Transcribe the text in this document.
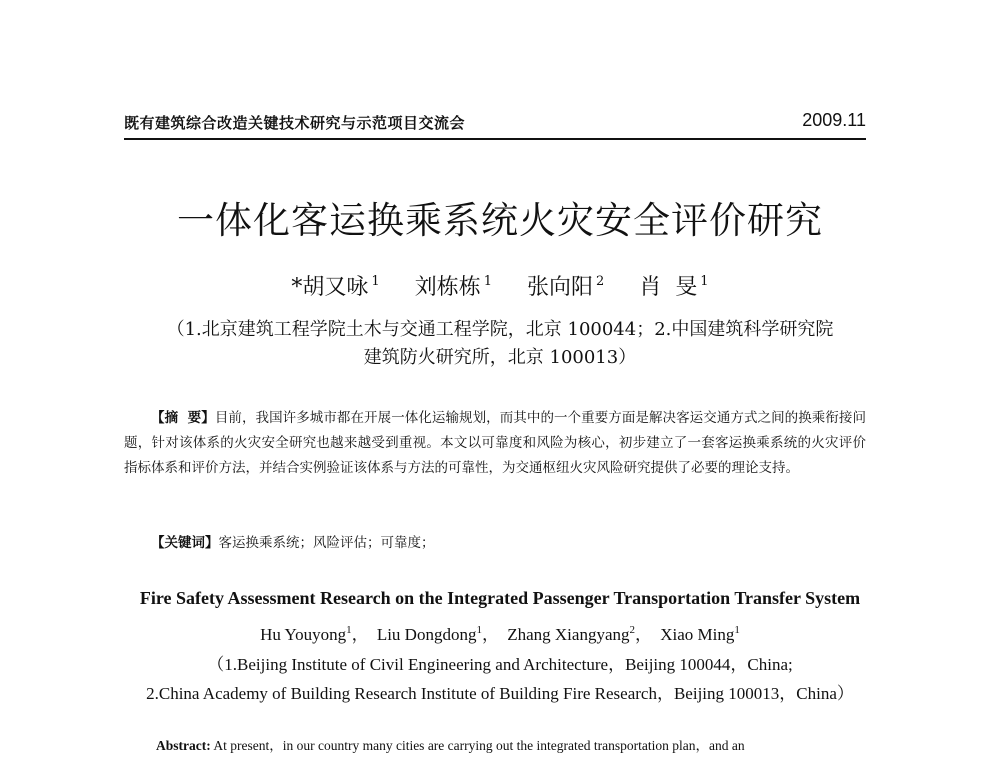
既有建筑综合改造关键技术研究与示范项目交流会	2009.11
一体化客运换乘系统火灾安全评价研究
*胡又咏 $^1$ 刘栋栋 $^1$ 张向阳 $^2$ 肖  旻 $^1$
（1.北京建筑工程学院土木与交通工程学院，北京 100044；2.中国建筑科学研究院
建筑防火研究所，北京 100013）
【摘  要】目前，我国许多城市都在开展一体化运输规划，而其中的一个重要方面是解决客运交通方式之间的换乘衔接问题，针对该体系的火灾安全研究也越来越受到重视。本文以可靠度和风险为核心，初步建立了一套客运换乘系统的火灾评价指标体系和评价方法，并结合实例验证该体系与方法的可靠性，为交通枢纽火灾风险研究提供了必要的理论支持。
【关键词】客运换乘系统；风险评估；可靠度；
Fire Safety Assessment Research on the Integrated Passenger Transportation Transfer System
Hu Youyong$^1$， Liu Dongdong$^1$， Zhang Xiangyang$^2$， Xiao Ming$^1$
（1.Beijing Institute of Civil Engineering and Architecture，Beijing 100044，China;
2.China Academy of Building Research Institute of Building Fire Research，Beijing 100013，China）
Abstract: At present，in our country many cities are carrying out the integrated transportation plan，and an
